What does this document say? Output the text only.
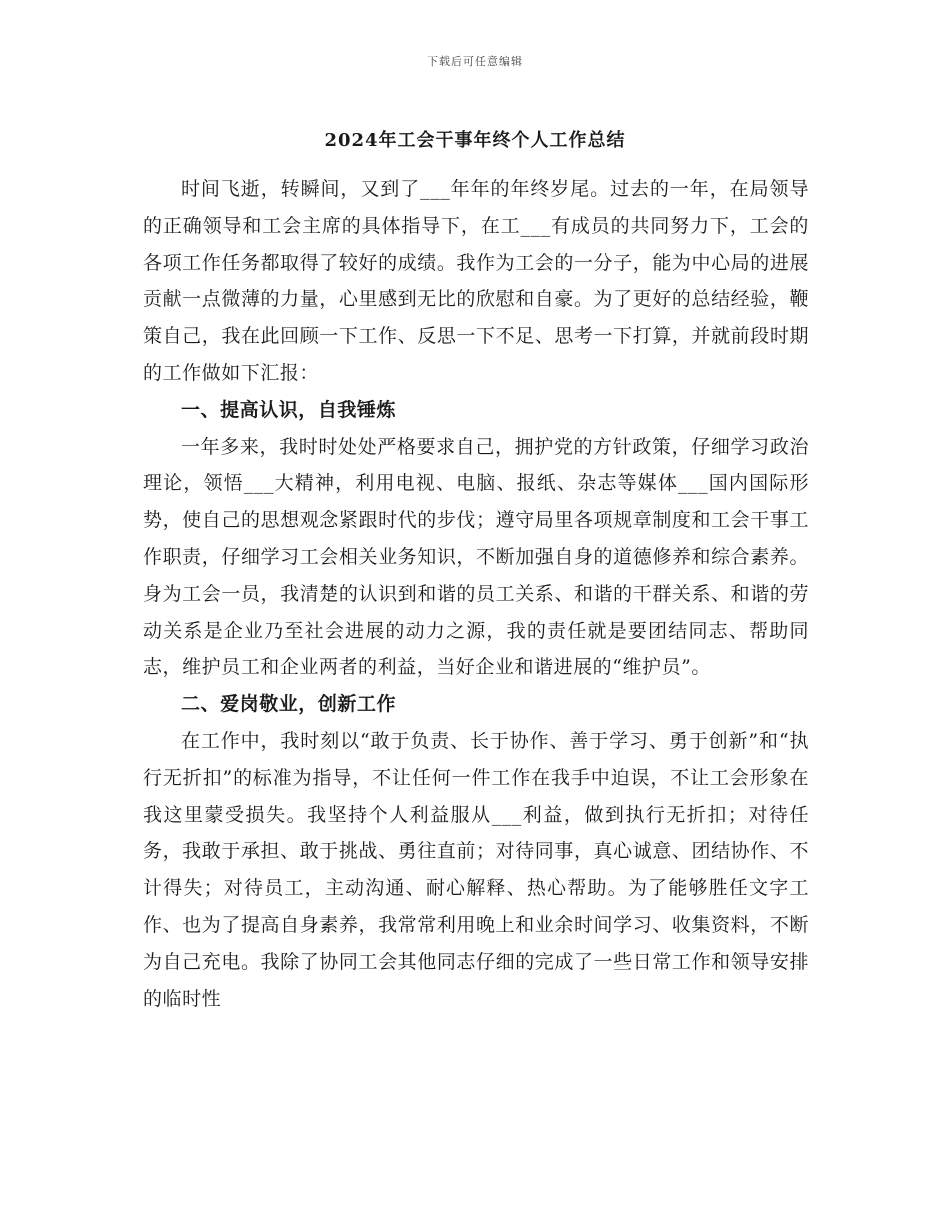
下载后可任意编辑
2024年工会干事年终个人工作总结

时间飞逝，转瞬间，又到了___年年的年终岁尾。过去的一年，在局领导的正确领导和工会主席的具体指导下，在工___有成员的共同努力下，工会的各项工作任务都取得了较好的成绩。我作为工会的一分子，能为中心局的进展贡献一点微薄的力量，心里感到无比的欣慰和自豪。为了更好的总结经验，鞭策自己，我在此回顾一下工作、反思一下不足、思考一下打算，并就前段时期的工作做如下汇报：

一、提高认识，自我锤炼

一年多来，我时时处处严格要求自己，拥护党的方针政策，仔细学习政治理论，领悟___大精神，利用电视、电脑、报纸、杂志等媒体___国内国际形势，使自己的思想观念紧跟时代的步伐；遵守局里各项规章制度和工会干事工作职责，仔细学习工会相关业务知识，不断加强自身的道德修养和综合素养。身为工会一员，我清楚的认识到和谐的员工关系、和谐的干群关系、和谐的劳动关系是企业乃至社会进展的动力之源，我的责任就是要团结同志、帮助同志，维护员工和企业两者的利益，当好企业和谐进展的“维护员”。

二、爱岗敬业，创新工作

在工作中，我时刻以“敢于负责、长于协作、善于学习、勇于创新”和“执行无折扣”的标准为指导，不让任何一件工作在我手中迫误，不让工会形象在我这里蒙受损失。我坚持个人利益服从___利益，做到执行无折扣；对待任务，我敢于承担、敢于挑战、勇往直前；对待同事，真心诚意、团结协作、不计得失；对待员工，主动沟通、耐心解释、热心帮助。为了能够胜任文字工作、也为了提高自身素养，我常常利用晚上和业余时间学习、收集资料，不断为自己充电。我除了协同工会其他同志仔细的完成了一些日常工作和领导安排的临时性
